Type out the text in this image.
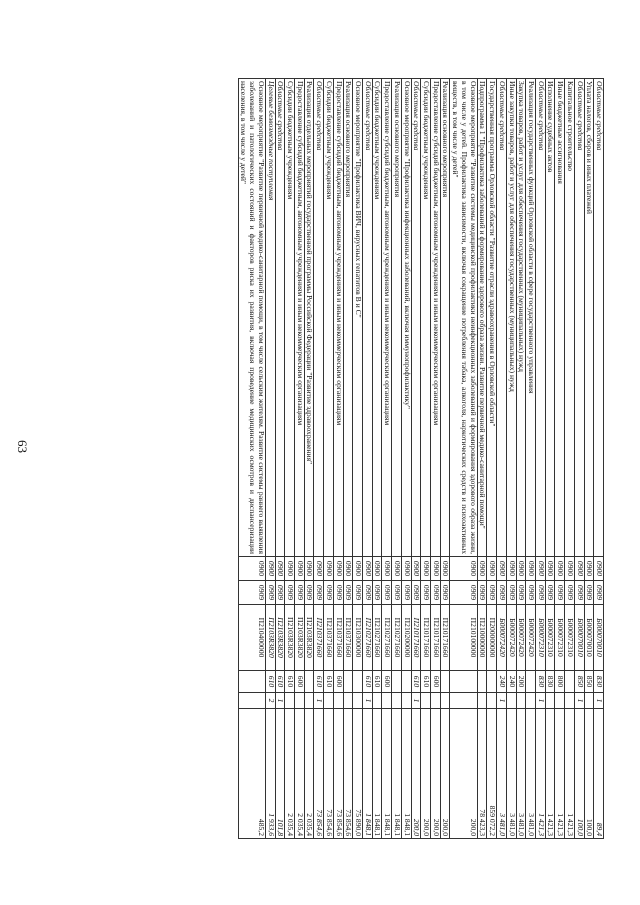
63
Областные средства	0900	0909	Б000070010	830	1	89,4
Уплата налогов, сборов и иных платежей	0900	0909	Б000070010	850		100,0
Областные средства	0900	0909	Б000070010	850	1	100,0
Капитальное строительство	0900	0909	Б000072310			1 421,3
Иные бюджетные ассигнования	0900	0909	Б000072310	800		1 421,3
Исполнение судебных актов	0900	0909	Б000072310	830		1 421,3
Областные средства	0900	0909	Б000072310	830	1	1 421,3
Реализация государственных функций Орловской области в сфере государственного управления	0900	0909	Б000072420			3 481,0
Закупка товаров, работ и услуг для обеспечения государственных (муниципальных) нужд	0900	0909	Б000072420	200		3 481,0
Иные закупки товаров, работ и услуг для обеспечения государственных (муниципальных) нужд	0900	0909	Б000072420	240		3 481,0
Областные средства	0900	0909	Б000072420	240	1	3 481,0
Государственная программа Орловской области "Развитие отрасли здравоохранения в Орловской области"	0900	0909	П200000000			859 072,2
Подпрограмма 1 "Профилактика заболеваний и формирование здорового образа жизни. Развитие первичной медико-санитарной помощи"	0900	0909	П210000000			78 423,3
Основное мероприятие "Развитие системы медицинской профилактики неинфекционных заболеваний и формирования здорового образа жизни, в том числе у детей. Профилактика зависимости, включая сокращение потребления табака, алкоголя, наркотических средств и психоактивных веществ, в том числе у детей"	0900	0909	П210100000			200,0
Реализация основного мероприятия	0900	0909	П210171660			200,0
Предоставление субсидий бюджетным, автономным учреждениям и иным некоммерческим организациям	0900	0909	П210171660	600		200,0
Субсидии бюджетным учреждениям	0900	0909	П210171660	610		200,0
Областные средства	0900	0909	П210171660	610	1	200,0
Основное мероприятие "Профилактика инфекционных заболеваний, включая иммунопрофилактику"	0900	0909	П210200000			1 848,1
Реализация основного мероприятия	0900	0909	П210271660			1 848,1
Предоставление субсидий бюджетным, автономным учреждениям и иным некоммерческим организациям	0900	0909	П210271660	600		1 848,1
Субсидии бюджетным учреждениям	0900	0909	П210271660	610		1 848,1
Областные средства	0900	0909	П210271660	610	1	1 848,1
Основное мероприятие "Профилактика ВИЧ, вирусных гепатитов В и С"	0900	0909	П210300000			75 890,0
Реализация основного мероприятия	0900	0909	П210371660			73 854,6
Предоставление субсидий бюджетным, автономным учреждениям и иным некоммерческим организациям	0900	0909	П210371660	600		73 854,6
Субсидии бюджетным учреждениям	0900	0909	П210371660	610		73 854,6
Областные средства	0900	0909	П210371660	610	1	73 854,6
Реализация отдельных мероприятий государственной программы Российской Федерации "Развитие здравоохранения"	0900	0909	П2103R3820			2 035,4
Предоставление субсидий бюджетным, автономным учреждениям и иным некоммерческим организациям	0900	0909	П2103R3820	600		2 035,4
Субсидии бюджетным учреждениям	0900	0909	П2103R3820	610		2 035,4
Областные средства	0900	0909	П2103R3820	610	1	101,8
Целевые безвозмездные поступления	0900	0909	П2103R3820	610	2	1 933,6
Основное мероприятие "Развитие первичной медико-санитарной помощи, в том числе сельским жителям. Развитие системы раннего выявления заболеваний и патологических состояний и факторов риска их развития, включая проведение медицинских осмотров и диспансеризации населения, в том числе у детей"	0900	0909	П210400000			485,2
